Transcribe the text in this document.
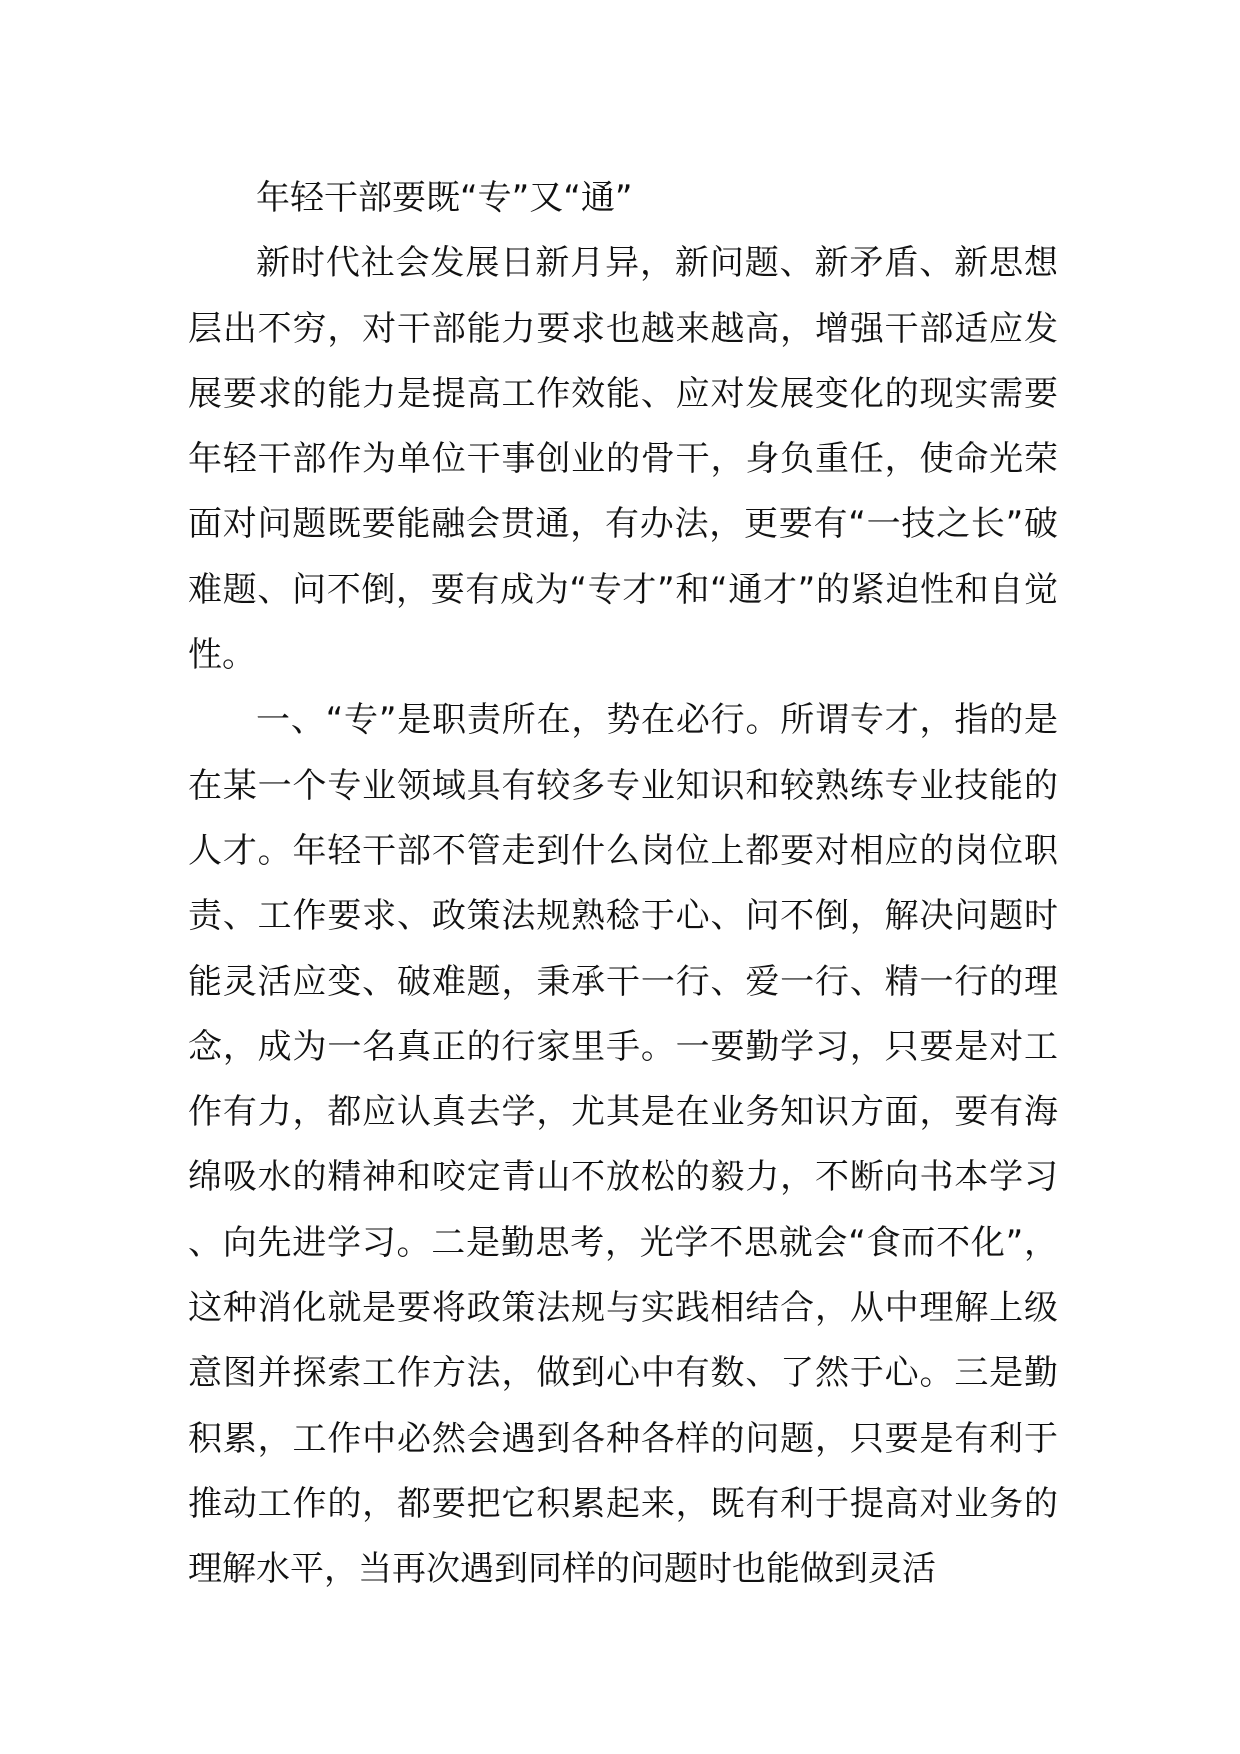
年轻干部要既“专”又“通”

新时代社会发展日新月异，新问题、新矛盾、新思想层出不穷，对干部能力要求也越来越高，增强干部适应发展要求的能力是提高工作效能、应对发展变化的现实需要年轻干部作为单位干事创业的骨干，身负重任，使命光荣面对问题既要能融会贯通，有办法，更要有“一技之长”破难题、问不倒，要有成为“专才”和“通才”的紧迫性和自觉性。

一、“专”是职责所在，势在必行。所谓专才，指的是在某一个专业领域具有较多专业知识和较熟练专业技能的人才。年轻干部不管走到什么岗位上都要对相应的岗位职责、工作要求、政策法规熟稔于心、问不倒，解决问题时能灵活应变、破难题，秉承干一行、爱一行、精一行的理念，成为一名真正的行家里手。一要勤学习，只要是对工作有力，都应认真去学，尤其是在业务知识方面，要有海绵吸水的精神和咬定青山不放松的毅力，不断向书本学习、向先进学习。二是勤思考，光学不思就会“食而不化”，这种消化就是要将政策法规与实践相结合，从中理解上级意图并探索工作方法，做到心中有数、了然于心。三是勤积累，工作中必然会遇到各种各样的问题，只要是有利于推动工作的，都要把它积累起来，既有利于提高对业务的理解水平，当再次遇到同样的问题时也能做到灵活
